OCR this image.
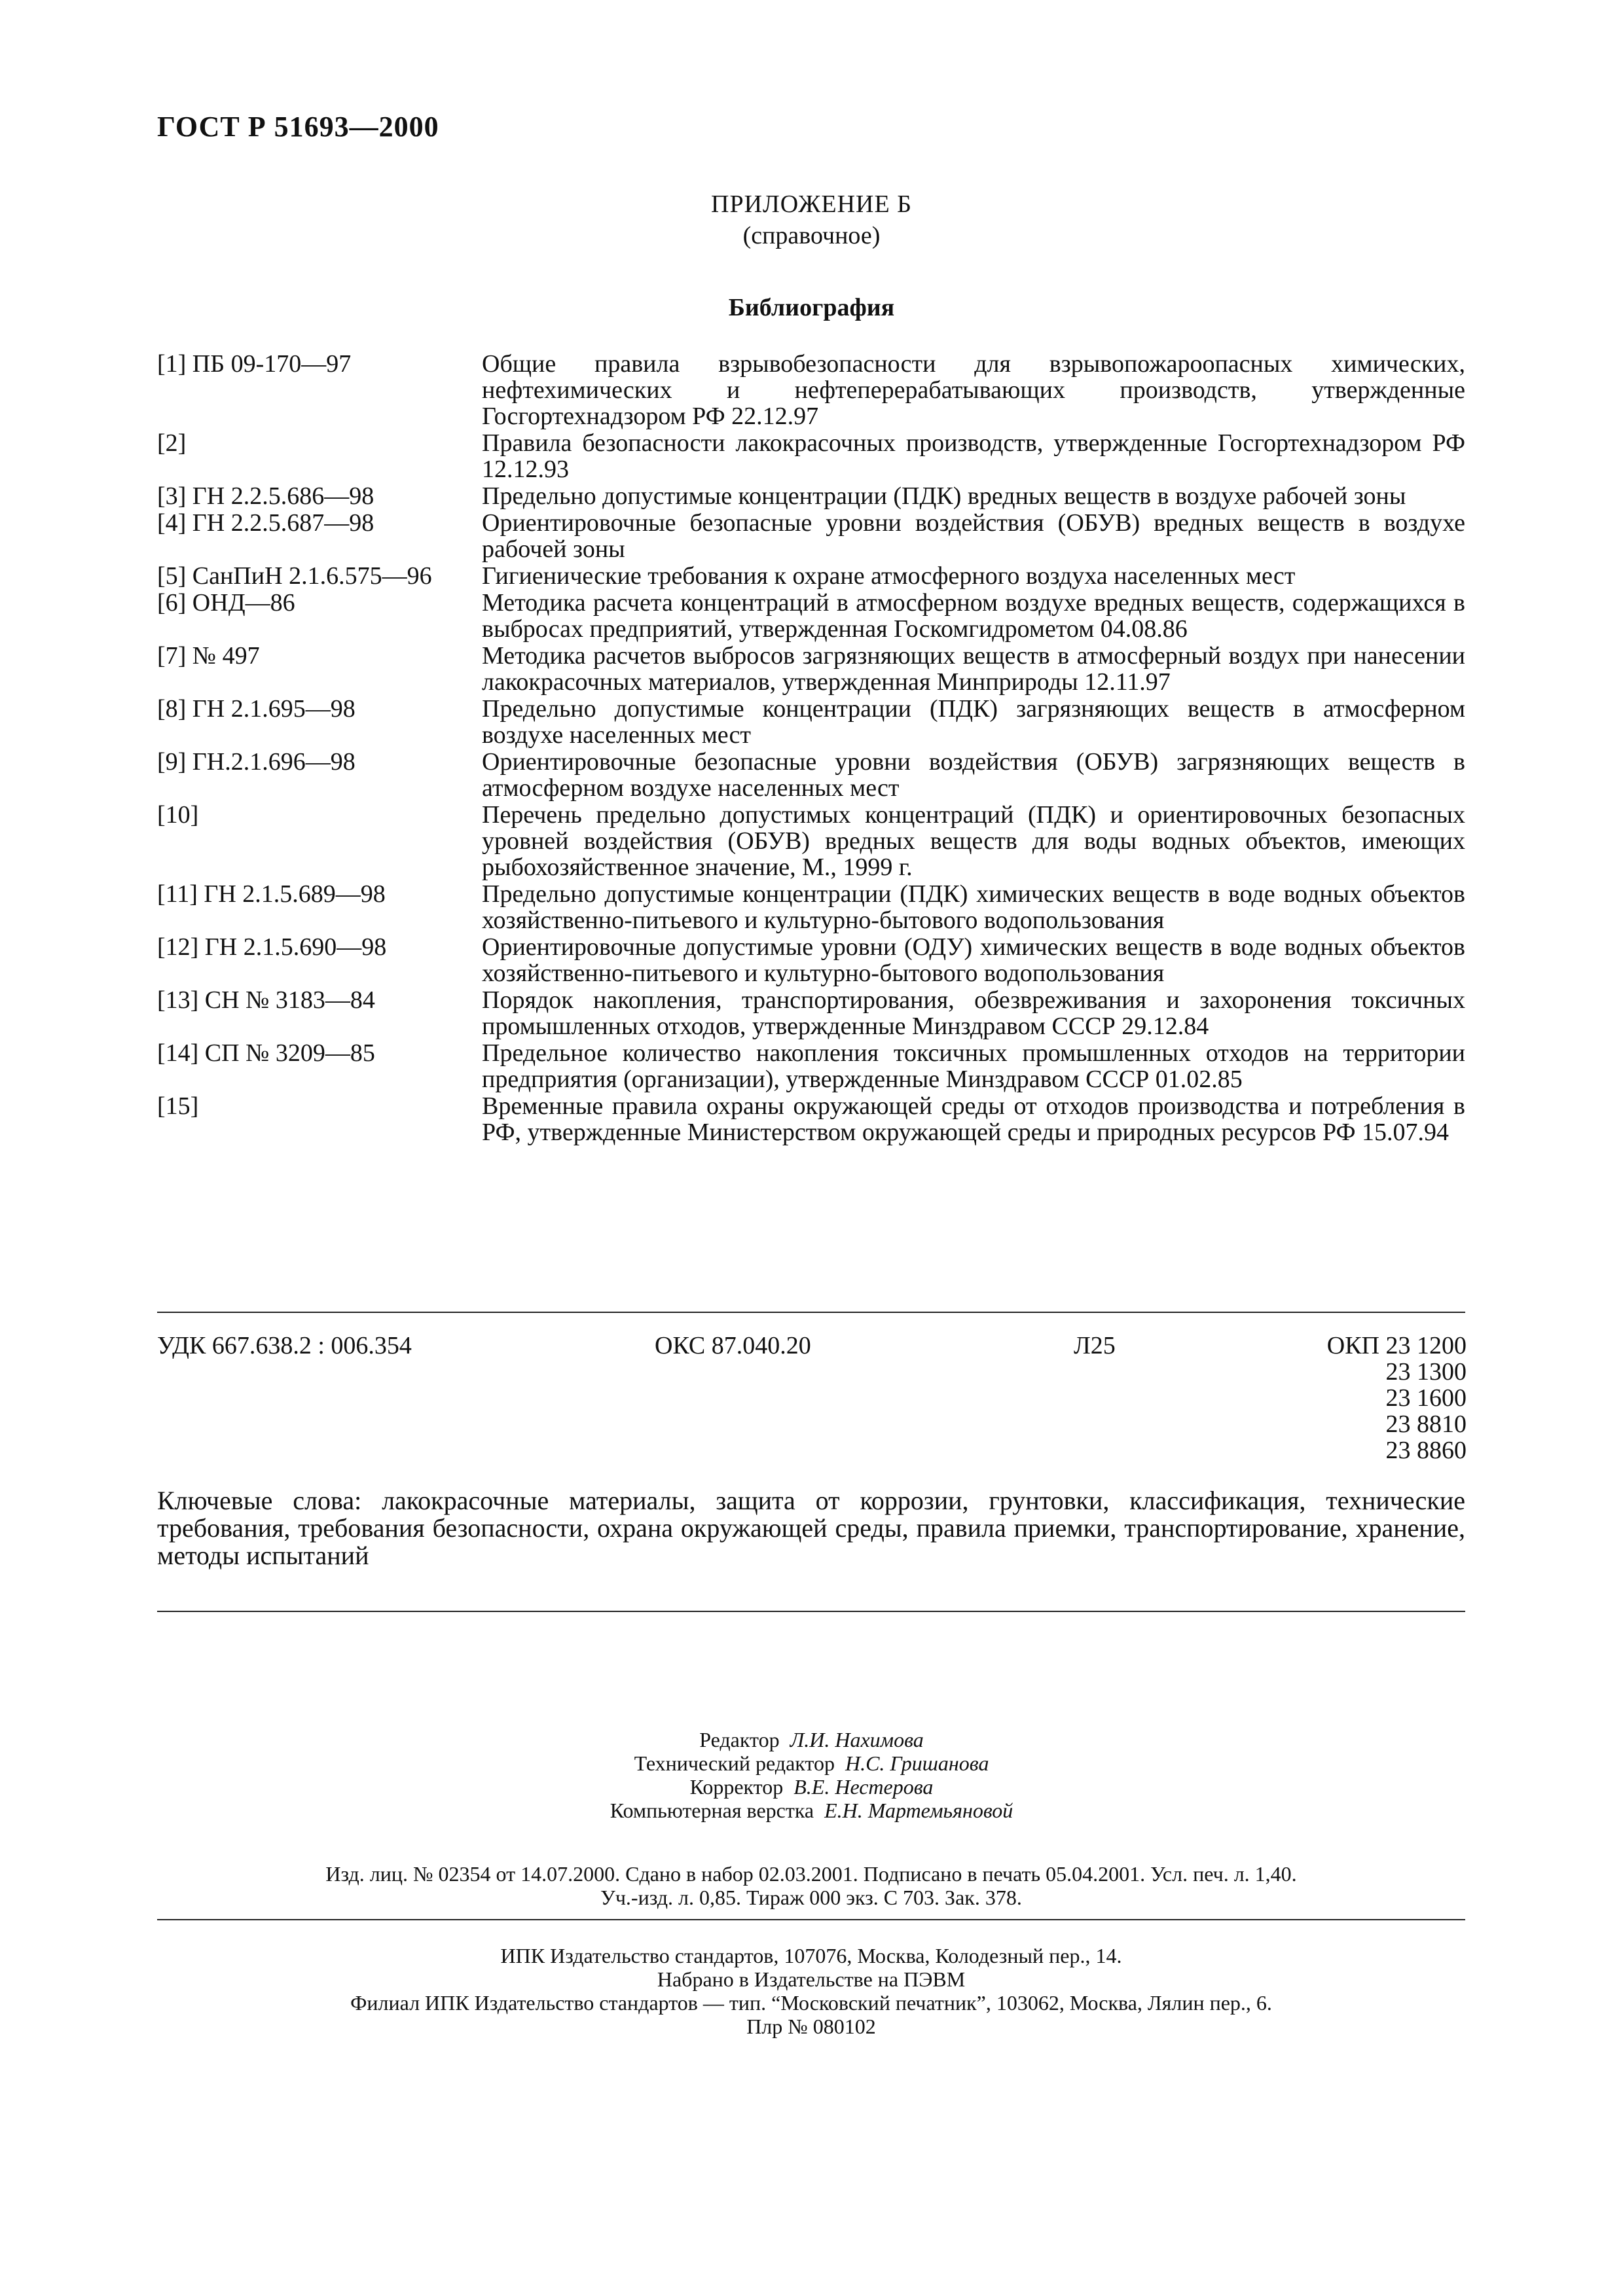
ГОСТ Р 51693—2000
ПРИЛОЖЕНИЕ Б
(справочное)
Библиография
[1] ПБ 09-170—97	Общие правила взрывобезопасности для взрывопожароопасных химических, нефтехимических и нефтеперерабатывающих производств, утвержденные Госгортехнадзором РФ 22.12.97
[2]	Правила безопасности лакокрасочных производств, утвержденные Госгортехнадзором РФ 12.12.93
[3] ГН 2.2.5.686—98	Предельно допустимые концентрации (ПДК) вредных веществ в воздухе рабочей зоны
[4] ГН 2.2.5.687—98	Ориентировочные безопасные уровни воздействия (ОБУВ) вредных веществ в воздухе рабочей зоны
[5] СанПиН 2.1.6.575—96	Гигиенические требования к охране атмосферного воздуха населенных мест
[6] ОНД—86	Методика расчета концентраций в атмосферном воздухе вредных веществ, содержащихся в выбросах предприятий, утвержденная Госкомгидрометом 04.08.86
[7] № 497	Методика расчетов выбросов загрязняющих веществ в атмосферный воздух при нанесении лакокрасочных материалов, утвержденная Минприроды 12.11.97
[8] ГН 2.1.695—98	Предельно допустимые концентрации (ПДК) загрязняющих веществ в атмосферном воздухе населенных мест
[9] ГН.2.1.696—98	Ориентировочные безопасные уровни воздействия (ОБУВ) загрязняющих веществ в атмосферном воздухе населенных мест
[10]	Перечень предельно допустимых концентраций (ПДК) и ориентировочных безопасных уровней воздействия (ОБУВ) вредных веществ для воды водных объектов, имеющих рыбохозяйственное значение, М., 1999 г.
[11] ГН 2.1.5.689—98	Предельно допустимые концентрации (ПДК) химических веществ в воде водных объектов хозяйственно-питьевого и культурно-бытового водопользования
[12] ГН 2.1.5.690—98	Ориентировочные допустимые уровни (ОДУ) химических веществ в воде водных объектов хозяйственно-питьевого и культурно-бытового водопользования
[13] СН № 3183—84	Порядок накопления, транспортирования, обезвреживания и захоронения токсичных промышленных отходов, утвержденные Минздравом СССР 29.12.84
[14] СП № 3209—85	Предельное количество накопления токсичных промышленных отходов на территории предприятия (организации), утвержденные Минздравом СССР 01.02.85
[15]	Временные правила охраны окружающей среды от отходов производства и потребления в РФ, утвержденные Министерством окружающей среды и природных ресурсов РФ 15.07.94
УДК 667.638.2 : 006.354	ОКС 87.040.20	Л25	ОКП 23 1200
23 1300
23 1600
23 8810
23 8860
Ключевые слова: лакокрасочные материалы, защита от коррозии, грунтовки, классификация, технические требования, требования безопасности, охрана окружающей среды, правила приемки, транспортирование, хранение, методы испытаний
Редактор Л.И. Нахимова
Технический редактор Н.С. Гришанова
Корректор В.Е. Нестерова
Компьютерная верстка Е.Н. Мартемьяновой
Изд. лиц. № 02354 от 14.07.2000. Сдано в набор 02.03.2001. Подписано в печать 05.04.2001. Усл. печ. л. 1,40.
Уч.-изд. л. 0,85. Тираж 000 экз. С 703. Зак. 378.
ИПК Издательство стандартов, 107076, Москва, Колодезный пер., 14.
Набрано в Издательстве на ПЭВМ
Филиал ИПК Издательство стандартов — тип. “Московский печатник”, 103062, Москва, Лялин пер., 6.
Плр № 080102
